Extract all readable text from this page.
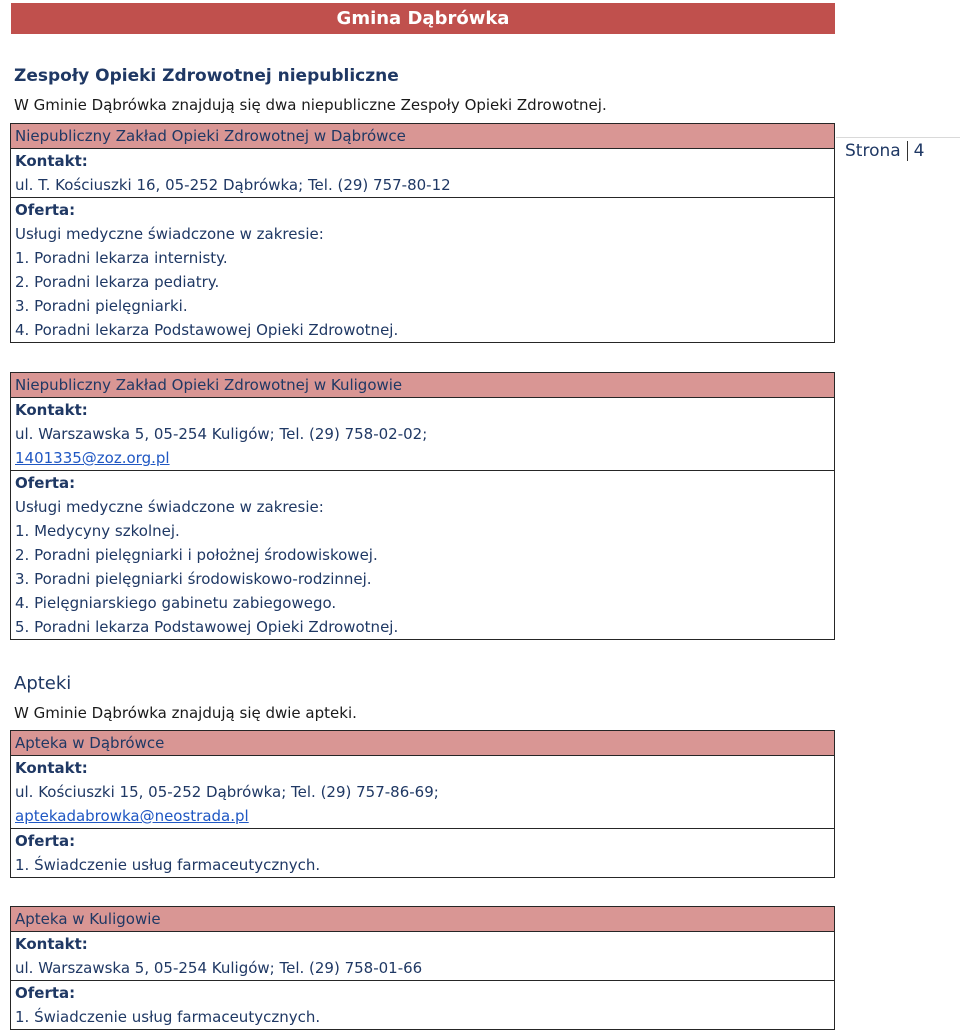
Gmina Dąbrówka
Strona 4
Zespoły Opieki Zdrowotnej niepubliczne
W Gminie Dąbrówka znajdują się dwa niepubliczne Zespoły Opieki Zdrowotnej.
Niepubliczny Zakład Opieki Zdrowotnej w Dąbrówce

Kontakt:
ul. T. Kościuszki 16, 05-252 Dąbrówka; Tel. (29) 757-80-12

Oferta:
Usługi medyczne świadczone w zakresie:
1. Poradni lekarza internisty.
2. Poradni lekarza pediatry.
3. Poradni pielęgniarki.
4. Poradni lekarza Podstawowej Opieki Zdrowotnej.
Niepubliczny Zakład Opieki Zdrowotnej w Kuligowie

Kontakt:
ul. Warszawska 5, 05-254 Kuligów; Tel. (29) 758-02-02;
1401335@zoz.org.pl

Oferta:
Usługi medyczne świadczone w zakresie:
1. Medycyny szkolnej.
2. Poradni pielęgniarki i położnej środowiskowej.
3. Poradni pielęgniarki środowiskowo-rodzinnej.
4. Pielęgniarskiego gabinetu zabiegowego.
5. Poradni lekarza Podstawowej Opieki Zdrowotnej.
Apteki
W Gminie Dąbrówka znajdują się dwie apteki.
Apteka w Dąbrówce

Kontakt:
ul. Kościuszki 15, 05-252 Dąbrówka; Tel. (29) 757-86-69;
aptekadabrowka@neostrada.pl

Oferta:
1. Świadczenie usług farmaceutycznych.
Apteka w Kuligowie

Kontakt:
ul. Warszawska 5, 05-254 Kuligów; Tel. (29) 758-01-66

Oferta:
1. Świadczenie usług farmaceutycznych.
